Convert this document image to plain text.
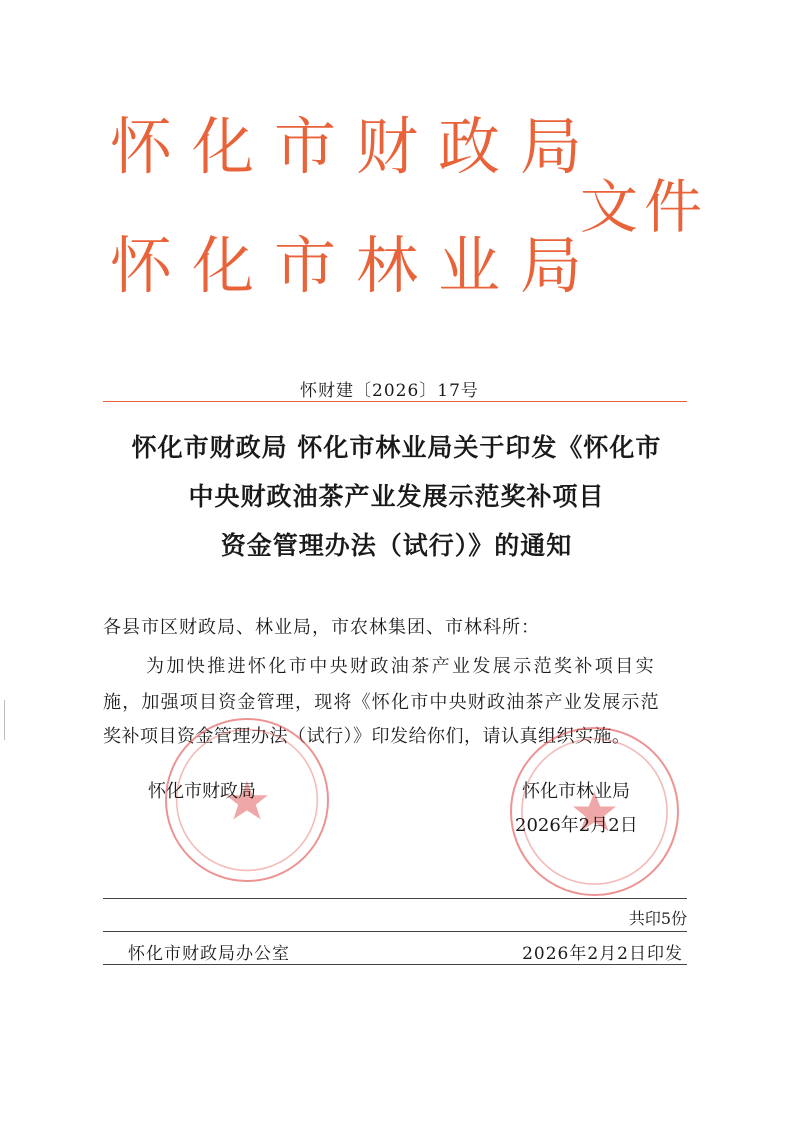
怀化市财政局
文件
怀化市林业局
怀财建〔2026〕17号
怀化市财政局 怀化市林业局关于印发《怀化市
中央财政油茶产业发展示范奖补项目
资金管理办法（试行）》的通知
各县市区财政局、林业局，市农林集团、市林科所：
为加快推进怀化市中央财政油茶产业发展示范奖补项目实
施，加强项目资金管理，现将《怀化市中央财政油茶产业发展示范
奖补项目资金管理办法（试行）》印发给你们，请认真组织实施。
怀化市财政局	怀化市林业局
2026年2月2日
共印5份
怀化市财政局办公室	2026年2月2日印发
